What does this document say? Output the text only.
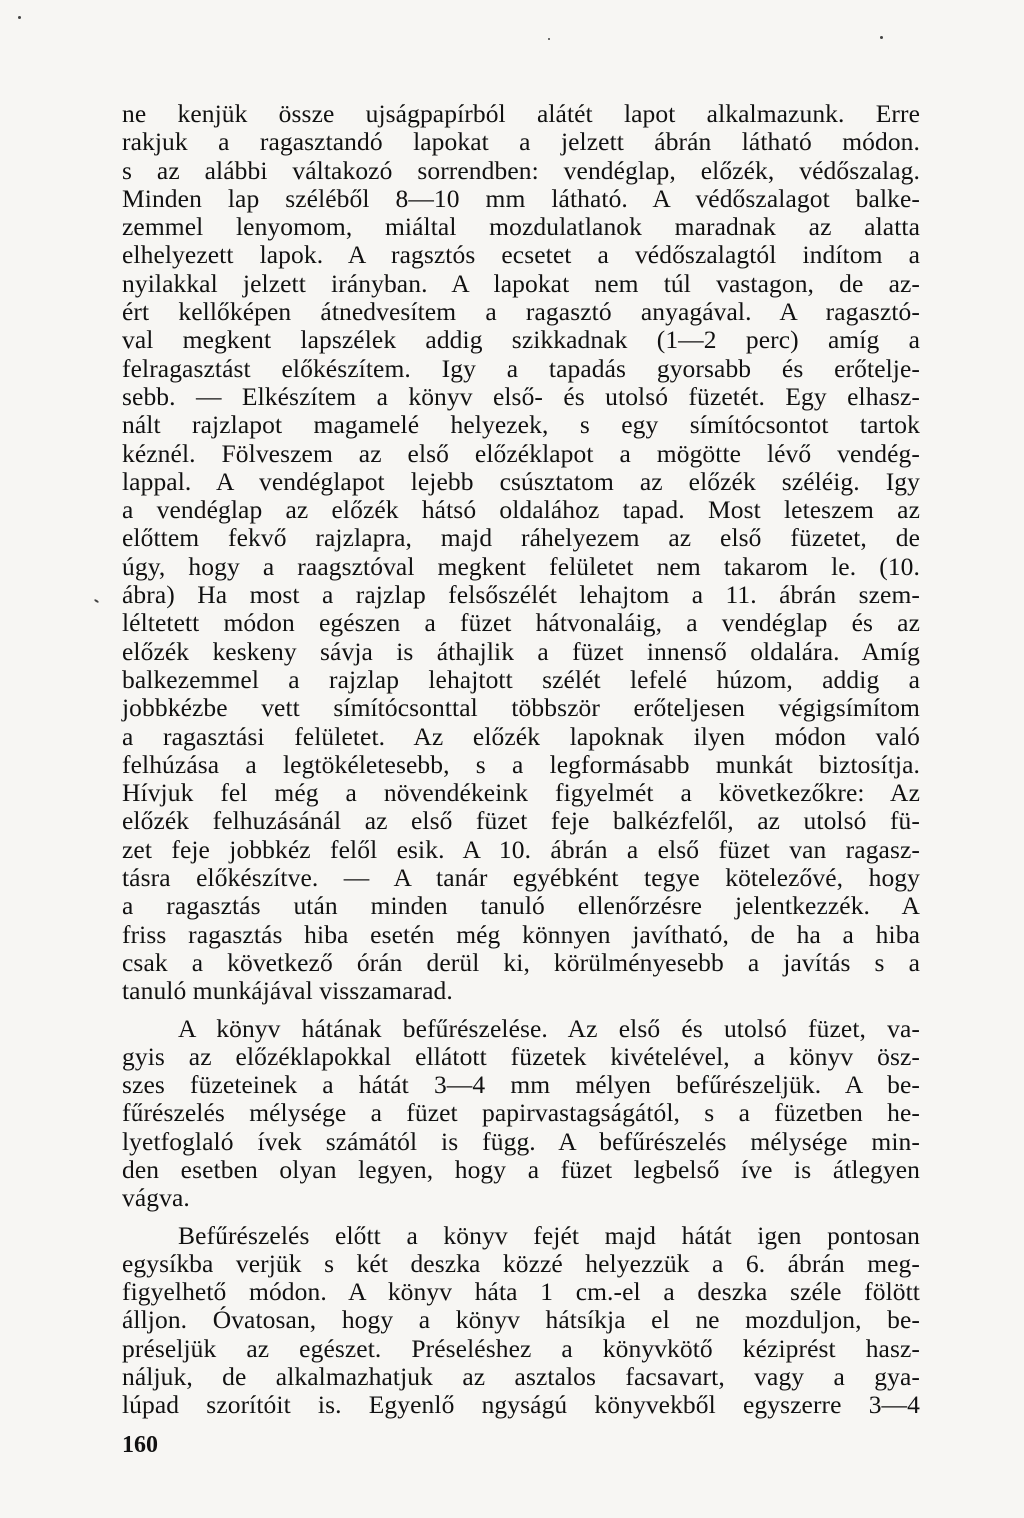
ne kenjük össze ujságpapírból alátét lapot alkalmazunk. Erre
rakjuk a ragasztandó lapokat a jelzett ábrán látható módon.
s az alábbi váltakozó sorrendben: vendéglap, előzék, védőszalag.
Minden lap széléből 8—10 mm látható. A védőszalagot balke-
zemmel lenyomom, miáltal mozdulatlanok maradnak az alatta
elhelyezett lapok. A ragsztós ecsetet a védőszalagtól indítom a
nyilakkal jelzett irányban. A lapokat nem túl vastagon, de az-
ért kellőképen átnedvesítem a ragasztó anyagával. A ragasztó-
val megkent lapszélek addig szikkadnak (1—2 perc) amíg a
felragasztást előkészítem. Igy a tapadás gyorsabb és erőtelje-
sebb. — Elkészítem a könyv első- és utolsó füzetét. Egy elhasz-
nált rajzlapot magamelé helyezek, s egy símítócsontot tartok
kéznél. Fölveszem az első előzéklapot a mögötte lévő vendég-
lappal. A vendéglapot lejebb csúsztatom az előzék széléig. Igy
a vendéglap az előzék hátsó oldalához tapad. Most leteszem az
előttem fekvő rajzlapra, majd ráhelyezem az első füzetet, de
úgy, hogy a raagsztóval megkent felületet nem takarom le. (10.
ábra) Ha most a rajzlap felsőszélét lehajtom a 11. ábrán szem-
léltetett módon egészen a füzet hátvonaláig, a vendéglap és az
előzék keskeny sávja is áthajlik a füzet innenső oldalára. Amíg
balkezemmel a rajzlap lehajtott szélét lefelé húzom, addig a
jobbkézbe vett símítócsonttal többször erőteljesen végigsímítom
a ragasztási felületet. Az előzék lapoknak ilyen módon való
felhúzása a legtökéletesebb, s a legformásabb munkát biztosítja.
Hívjuk fel még a növendékeink figyelmét a következőkre: Az
előzék felhuzásánál az első füzet feje balkézfelől, az utolsó fü-
zet feje jobbkéz felől esik. A 10. ábrán a első füzet van ragasz-
tásra előkészítve. — A tanár egyébként tegye kötelezővé, hogy
a ragasztás után minden tanuló ellenőrzésre jelentkezzék. A
friss ragasztás hiba esetén még könnyen javítható, de ha a hiba
csak a következő órán derül ki, körülményesebb a javítás s a
tanuló munkájával visszamarad.
A könyv hátának befűrészelése. Az első és utolsó füzet, va-
gyis az előzéklapokkal ellátott füzetek kivételével, a könyv ösz-
szes füzeteinek a hátát 3—4 mm mélyen befűrészeljük. A be-
fűrészelés mélysége a füzet papirvastagságától, s a füzetben he-
lyetfoglaló ívek számától is függ. A befűrészelés mélysége min-
den esetben olyan legyen, hogy a füzet legbelső íve is átlegyen
vágva.
Befűrészelés előtt a könyv fejét majd hátát igen pontosan
egysíkba verjük s két deszka közzé helyezzük a 6. ábrán meg-
figyelhető módon. A könyv háta 1 cm.-el a deszka széle fölött
álljon. Óvatosan, hogy a könyv hátsíkja el ne mozduljon, be-
préseljük az egészet. Préseléshez a könyvkötő kéziprést hasz-
náljuk, de alkalmazhatjuk az asztalos facsavart, vagy a gya-
lúpad szorítóit is. Egyenlő ngyságú könyvekből egyszerre 3—4
160
